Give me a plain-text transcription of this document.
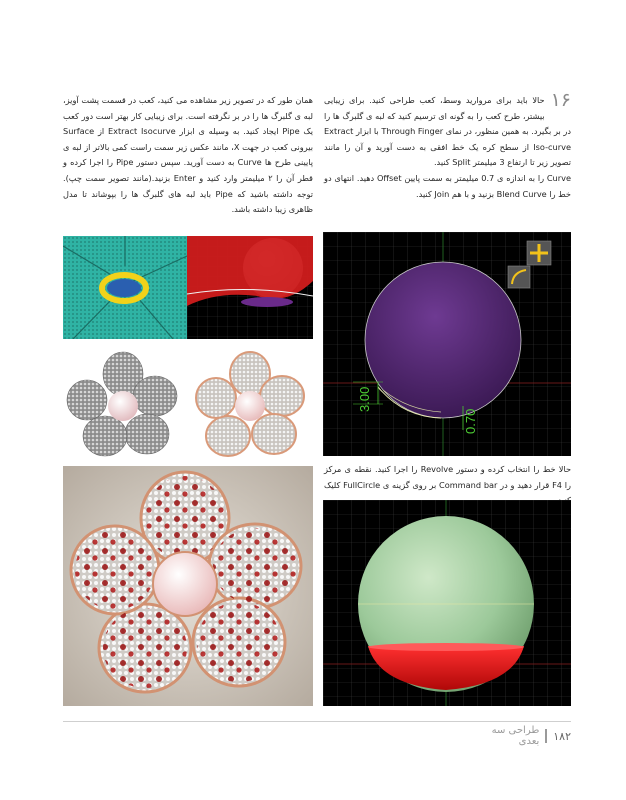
۱۶

حالا باید برای مروارید وسط، کعب طراحی کنید. برای زیبایی بیشتر، طرح کعب را به گونه ای ترسیم کنید که لبه ی گلبرگ ها را در بر بگیرد. به همین منظور، در نمای Through Finger با ابزار Extract Iso-curve از سطح کره یک خط افقی به دست آورید و آن را مانند تصویر زیر تا ارتفاع 3 میلیمتر Split کنید.

Curve را به اندازه ی 0.7 میلیمتر به سمت پایین Offset دهید. انتهای دو خط را Blend Curve بزنید و با هم Join کنید.

همان طور که در تصویر زیر مشاهده می کنید، کعب در قسمت پشت آویز، لبه ی گلبرگ ها را در بر نگرفته است. برای زیبایی کار بهتر است دور کعب یک Pipe ایجاد کنید. به وسیله ی ابزار Extract Isocurve از Surface بیرونی کعب در جهت X، مانند عکس زیر سمت راست کمی بالاتر از لبه ی پایینی طرح ها Curve به دست آورید. سپس دستور Pipe را اجرا کرده و قطر آن را ۲ میلیمتر وارد کنید و Enter بزنید.(مانند تصویر سمت چپ). توجه داشته باشید که Pipe باید لبه های گلبرگ ها را بپوشاند تا مدل ظاهری زیبا داشته باشد.

3.00
0.70
حالا خط را انتخاب کرده و دستور Revolve را اجرا کنید. نقطه ی مرکز را F4 قرار دهید و در Command bar بر روی گزینه ی FullCircle کلیک
۱۸۲
طراحی سه بعدی
